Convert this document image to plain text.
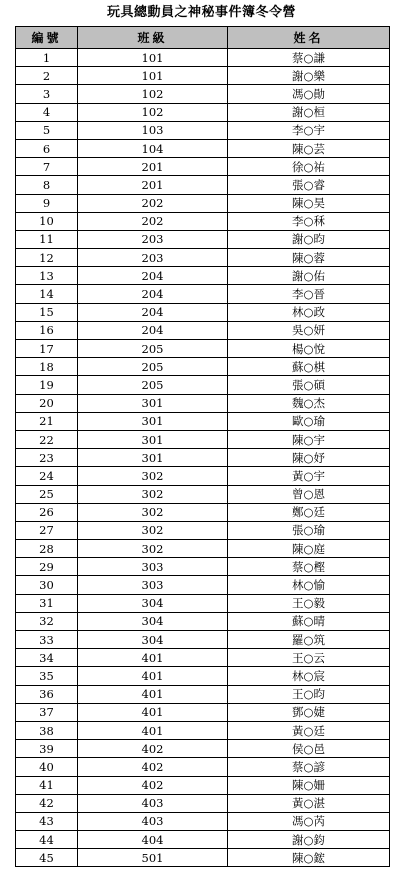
玩具總動員之神秘事件簿冬令營
編號	班級	姓名
1	101	蔡○謙
2	101	謝○樂
3	102	馮○勛
4	102	謝○桓
5	103	李○宇
6	104	陳○芸
7	201	徐○祐
8	201	張○睿
9	202	陳○昊
10	202	李○秝
11	203	謝○昀
12	203	陳○蓉
13	204	謝○佑
14	204	李○晉
15	204	林○政
16	204	吳○妍
17	205	楊○悅
18	205	蘇○棋
19	205	張○碩
20	301	魏○杰
21	301	歐○瑜
22	301	陳○宇
23	301	陳○妤
24	302	黃○宇
25	302	曾○恩
26	302	鄭○廷
27	302	張○瑜
28	302	陳○庭
29	303	蔡○樫
30	303	林○愉
31	304	王○毅
32	304	蘇○晴
33	304	羅○筑
34	401	王○云
35	401	林○宸
36	401	王○昀
37	401	鄧○婕
38	401	黃○廷
39	402	侯○邑
40	402	蔡○諺
41	402	陳○姍
42	403	黃○湛
43	403	馮○芮
44	404	謝○鈞
45	501	陳○鋐
